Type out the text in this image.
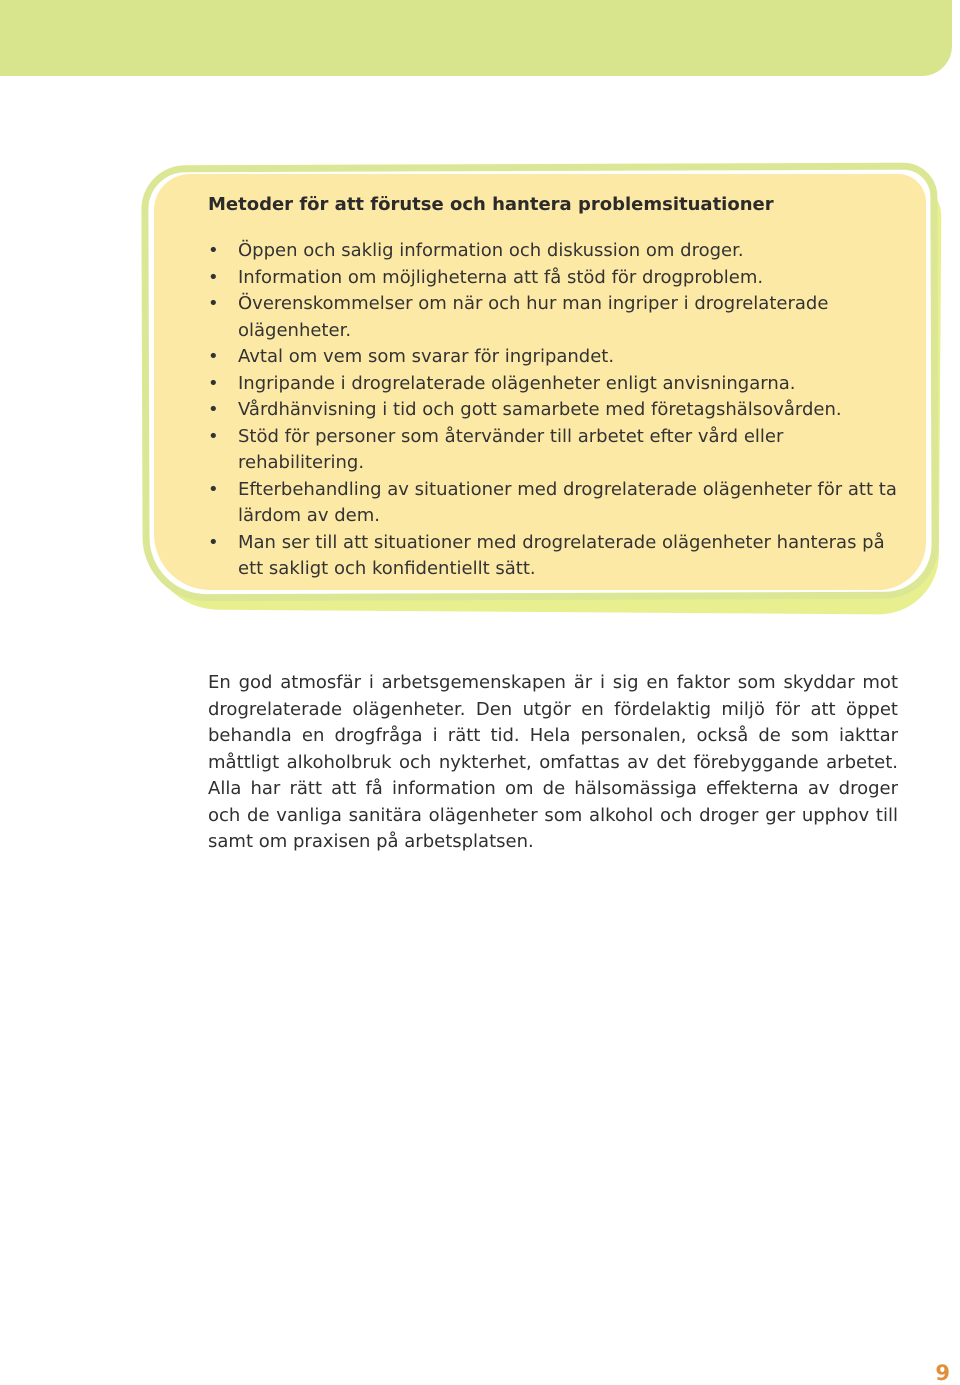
Metoder för att förutse och hantera problemsituationer
• Öppen och saklig information och diskussion om droger.
• Information om möjligheterna att få stöd för drogproblem.
• Överenskommelser om när och hur man ingriper i drogrelaterade olägenheter.
• Avtal om vem som svarar för ingripandet.
• Ingripande i drogrelaterade olägenheter enligt anvisningarna.
• Vårdhänvisning i tid och gott samarbete med företagshälsovården.
• Stöd för personer som återvänder till arbetet efter vård eller rehabilitering.
• Efterbehandling av situationer med drogrelaterade olägenheter för att ta lärdom av dem.
• Man ser till att situationer med drogrelaterade olägenheter hanteras på ett sakligt och konfidentiellt sätt.

En god atmosfär i arbetsgemenskapen är i sig en faktor som skyddar mot drogrelaterade olägenheter. Den utgör en fördelaktig miljö för att öppet behandla en drogfråga i rätt tid. Hela personalen, också de som iakttar måttligt alkoholbruk och nykterhet, omfattas av det förebyggande arbetet. Alla har rätt att få information om de hälsomässiga effekterna av droger och de vanliga sanitära olägenheter som alkohol och droger ger upphov till samt om praxisen på arbetsplatsen.

9
